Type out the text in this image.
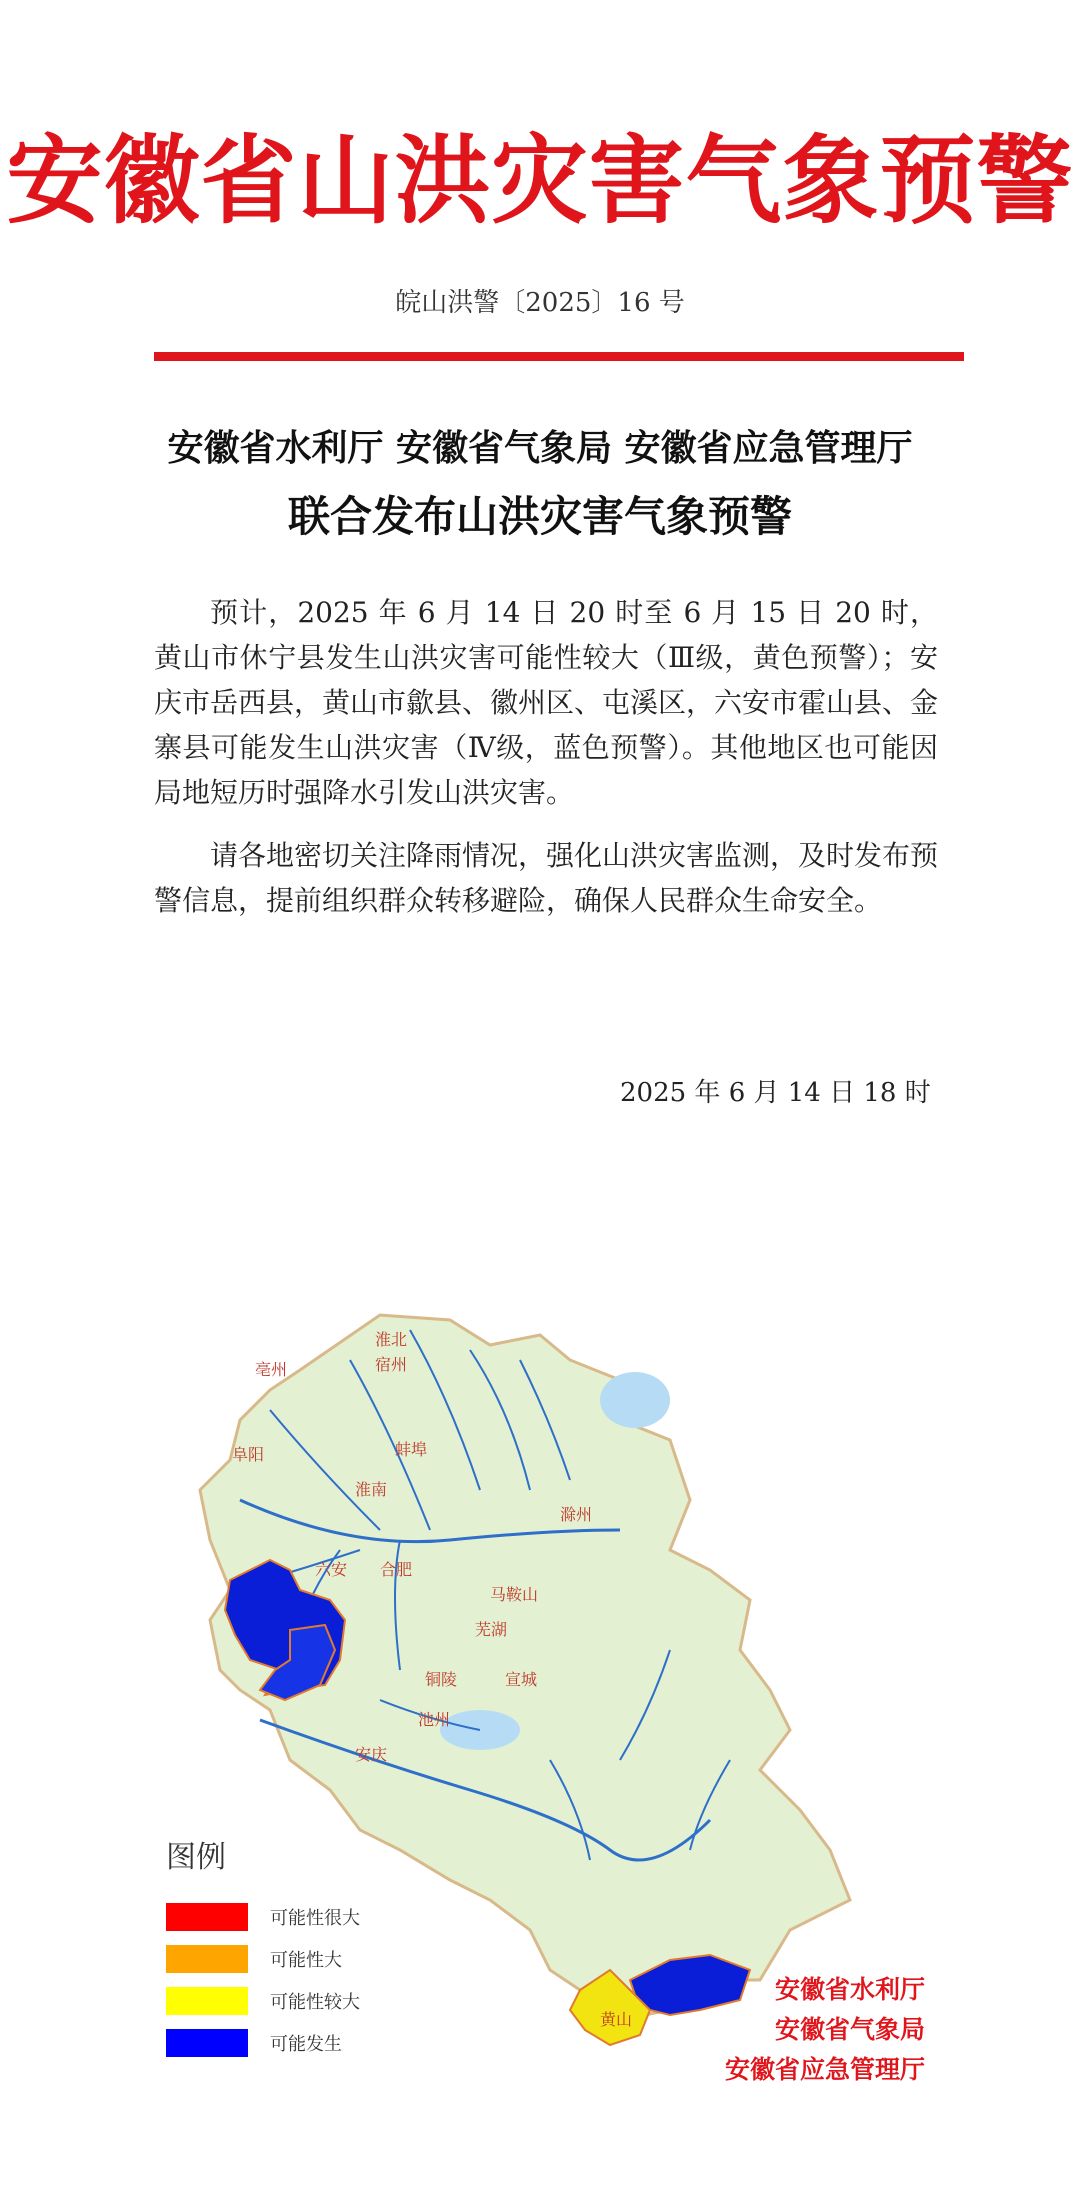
安徽省山洪灾害气象预警
皖山洪警〔2025〕16 号
安徽省水利厅 安徽省气象局 安徽省应急管理厅
联合发布山洪灾害气象预警

预计，2025 年 6 月 14 日 20 时至 6 月 15 日 20 时，黄山市休宁县发生山洪灾害可能性较大（Ⅲ级，黄色预警）；安庆市岳西县，黄山市歙县、徽州区、屯溪区，六安市霍山县、金寨县可能发生山洪灾害（Ⅳ级，蓝色预警）。其他地区也可能因局地短历时强降水引发山洪灾害。

请各地密切关注降雨情况，强化山洪灾害监测，及时发布预警信息，提前组织群众转移避险，确保人民群众生命安全。

2025 年 6 月 14 日 18 时
亳州
淮北
宿州
阜阳	蚌埠
淮南
滁州
六安 合肥
马鞍山
芜湖
铜陵	宣城
池州
安庆
黄山
图例
可能性很大
可能性大
可能性较大
可能发生
安徽省水利厅
安徽省气象局
安徽省应急管理厅
